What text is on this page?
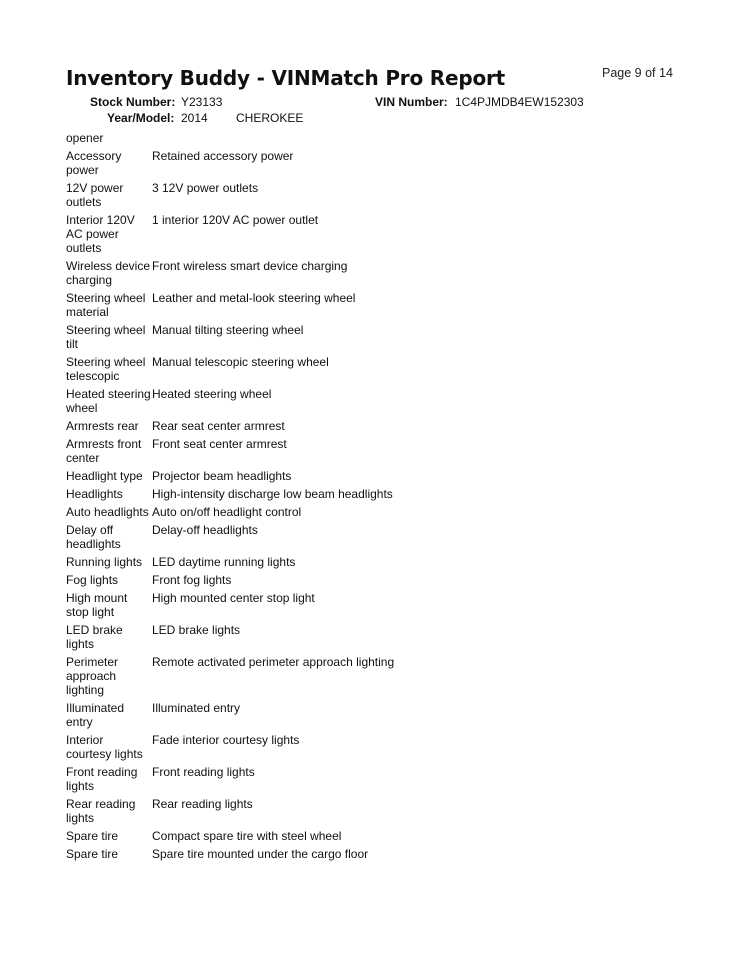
Inventory Buddy - VINMatch Pro Report	Page 9 of 14
Stock Number: Y23133	VIN Number: 1C4PJMDB4EW152303
Year/Model: 2014 CHEROKEE
opener	
Accessory power	Retained accessory power
12V power outlets	3 12V power outlets
Interior 120V AC power outlets	1 interior 120V AC power outlet
Wireless device charging	Front wireless smart device charging
Steering wheel material	Leather and metal-look steering wheel
Steering wheel tilt	Manual tilting steering wheel
Steering wheel telescopic	Manual telescopic steering wheel
Heated steering wheel	Heated steering wheel
Armrests rear	Rear seat center armrest
Armrests front center	Front seat center armrest
Headlight type	Projector beam headlights
Headlights	High-intensity discharge low beam headlights
Auto headlights	Auto on/off headlight control
Delay off headlights	Delay-off headlights
Running lights	LED daytime running lights
Fog lights	Front fog lights
High mount stop light	High mounted center stop light
LED brake lights	LED brake lights
Perimeter approach lighting	Remote activated perimeter approach lighting
Illuminated entry	Illuminated entry
Interior courtesy lights	Fade interior courtesy lights
Front reading lights	Front reading lights
Rear reading lights	Rear reading lights
Spare tire	Compact spare tire with steel wheel
Spare tire	Spare tire mounted under the cargo floor
